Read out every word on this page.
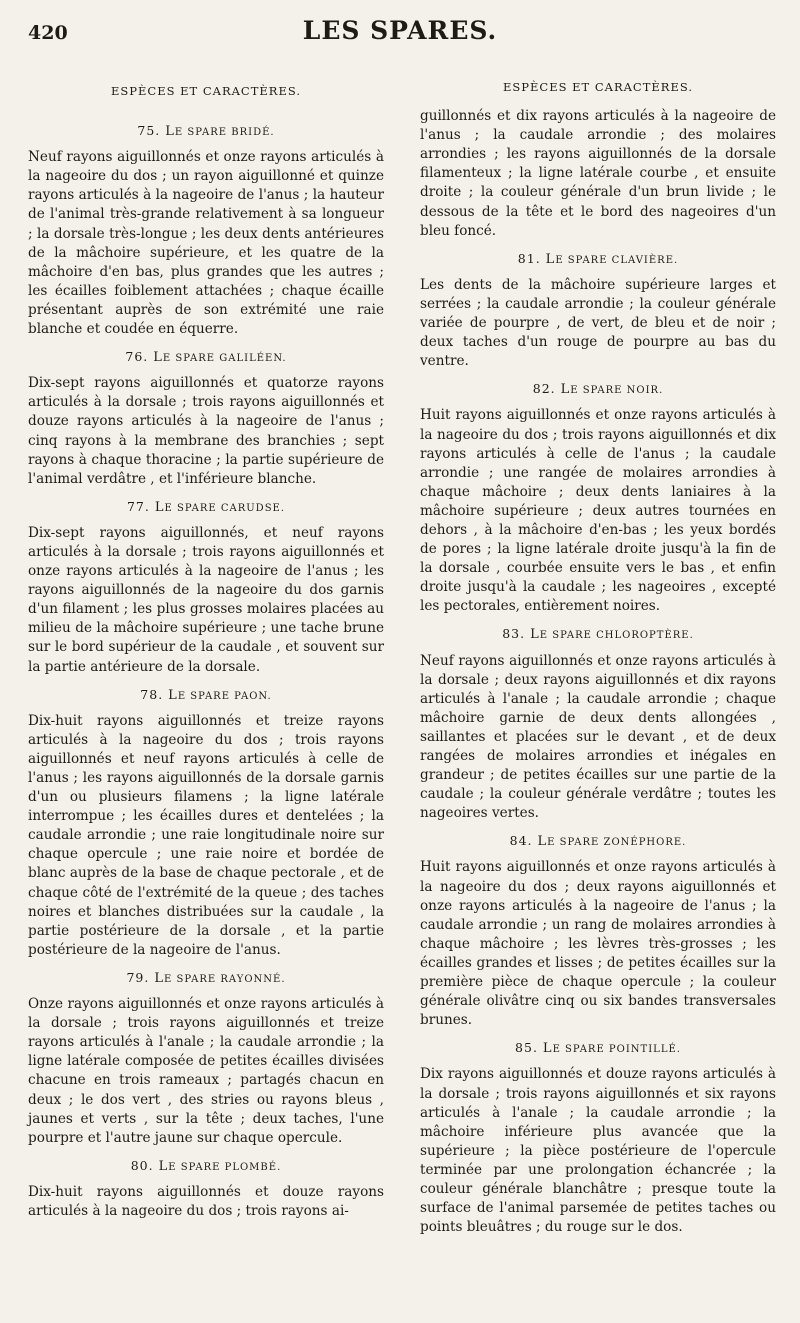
420	LES SPARES.
ESPÈCES ET CARACTÈRES.
75. LE SPARE BRIDÉ.

Neuf rayons aiguillonnés et onze rayons articulés à la nageoire du dos ; un rayon aiguillonné et quinze rayons articulés à la nageoire de l'anus ; la hauteur de l'animal très-grande relativement à sa longueur ; la dorsale très-longue ; les deux dents antérieures de la mâchoire supérieure, et les quatre de la mâchoire d'en bas, plus grandes que les autres ; les écailles foiblement attachées ; chaque écaille présentant auprès de son extrémité une raie blanche et coudée en équerre.

76. LE SPARE GALILÉEN.

Dix-sept rayons aiguillonnés et quatorze rayons articulés à la dorsale ; trois rayons aiguillonnés et douze rayons articulés à la nageoire de l'anus ; cinq rayons à la membrane des branchies ; sept rayons à chaque thoracine ; la partie supérieure de l'animal verdâtre , et l'inférieure blanche.

77. LE SPARE CARUDSE.

Dix-sept rayons aiguillonnés, et neuf rayons articulés à la dorsale ; trois rayons aiguillonnés et onze rayons articulés à la nageoire de l'anus ; les rayons aiguillonnés de la nageoire du dos garnis d'un filament ; les plus grosses molaires placées au milieu de la mâchoire supérieure ; une tache brune sur le bord supérieur de la caudale , et souvent sur la partie antérieure de la dorsale.

78. LE SPARE PAON.

Dix-huit rayons aiguillonnés et treize rayons articulés à la nageoire du dos ; trois rayons aiguillonnés et neuf rayons articulés à celle de l'anus ; les rayons aiguillonnés de la dorsale garnis d'un ou plusieurs filamens ; la ligne latérale interrompue ; les écailles dures et dentelées ; la caudale arrondie ; une raie longitudinale noire sur chaque opercule ; une raie noire et bordée de blanc auprès de la base de chaque pectorale , et de chaque côté de l'extrémité de la queue ; des taches noires et blanches distribuées sur la caudale , la partie postérieure de la dorsale , et la partie postérieure de la nageoire de l'anus.

79. LE SPARE RAYONNÉ.

Onze rayons aiguillonnés et onze rayons articulés à la dorsale ; trois rayons aiguillonnés et treize rayons articulés à l'anale ; la caudale arrondie ; la ligne latérale composée de petites écailles divisées chacune en trois rameaux ; partagés chacun en deux ; le dos vert , des stries ou rayons bleus , jaunes et verts , sur la tête ; deux taches, l'une pourpre et l'autre jaune sur chaque opercule.

80. LE SPARE PLOMBÉ.

Dix-huit rayons aiguillonnés et douze rayons articulés à la nageoire du dos ; trois rayons ai-

ESPÈCES ET CARACTÈRES.

guillonnés et dix rayons articulés à la nageoire de l'anus ; la caudale arrondie ; des molaires arrondies ; les rayons aiguillonnés de la dorsale filamenteux ; la ligne latérale courbe , et ensuite droite ; la couleur générale d'un brun livide ; le dessous de la tête et le bord des nageoires d'un bleu foncé.

81. LE SPARE CLAVIÈRE.

Les dents de la mâchoire supérieure larges et serrées ; la caudale arrondie ; la couleur générale variée de pourpre , de vert, de bleu et de noir ; deux taches d'un rouge de pourpre au bas du ventre.

82. LE SPARE NOIR.

Huit rayons aiguillonnés et onze rayons articulés à la nageoire du dos ; trois rayons aiguillonnés et dix rayons articulés à celle de l'anus ; la caudale arrondie ; une rangée de molaires arrondies à chaque mâchoire ; deux dents laniaires à la mâchoire supérieure ; deux autres tournées en dehors , à la mâchoire d'en-bas ; les yeux bordés de pores ; la ligne latérale droite jusqu'à la fin de la dorsale , courbée ensuite vers le bas , et enfin droite jusqu'à la caudale ; les nageoires , excepté les pectorales, entièrement noires.

83. LE SPARE CHLOROPTÈRE.

Neuf rayons aiguillonnés et onze rayons articulés à la dorsale ; deux rayons aiguillonnés et dix rayons articulés à l'anale ; la caudale arrondie ; chaque mâchoire garnie de deux dents allongées , saillantes et placées sur le devant , et de deux rangées de molaires arrondies et inégales en grandeur ; de petites écailles sur une partie de la caudale ; la couleur générale verdâtre ; toutes les nageoires vertes.

84. LE SPARE ZONÉPHORE.

Huit rayons aiguillonnés et onze rayons articulés à la nageoire du dos ; deux rayons aiguillonnés et onze rayons articulés à la nageoire de l'anus ; la caudale arrondie ; un rang de molaires arrondies à chaque mâchoire ; les lèvres très-grosses ; les écailles grandes et lisses ; de petites écailles sur la première pièce de chaque opercule ; la couleur générale olivâtre cinq ou six bandes transversales brunes.

85. LE SPARE POINTILLÉ.

Dix rayons aiguillonnés et douze rayons articulés à la dorsale ; trois rayons aiguillonnés et six rayons articulés à l'anale ; la caudale arrondie ; la mâchoire inférieure plus avancée que la supérieure ; la pièce postérieure de l'opercule terminée par une prolongation échancrée ; la couleur générale blanchâtre ; presque toute la surface de l'animal parsemée de petites taches ou points bleuâtres ; du rouge sur le dos.
